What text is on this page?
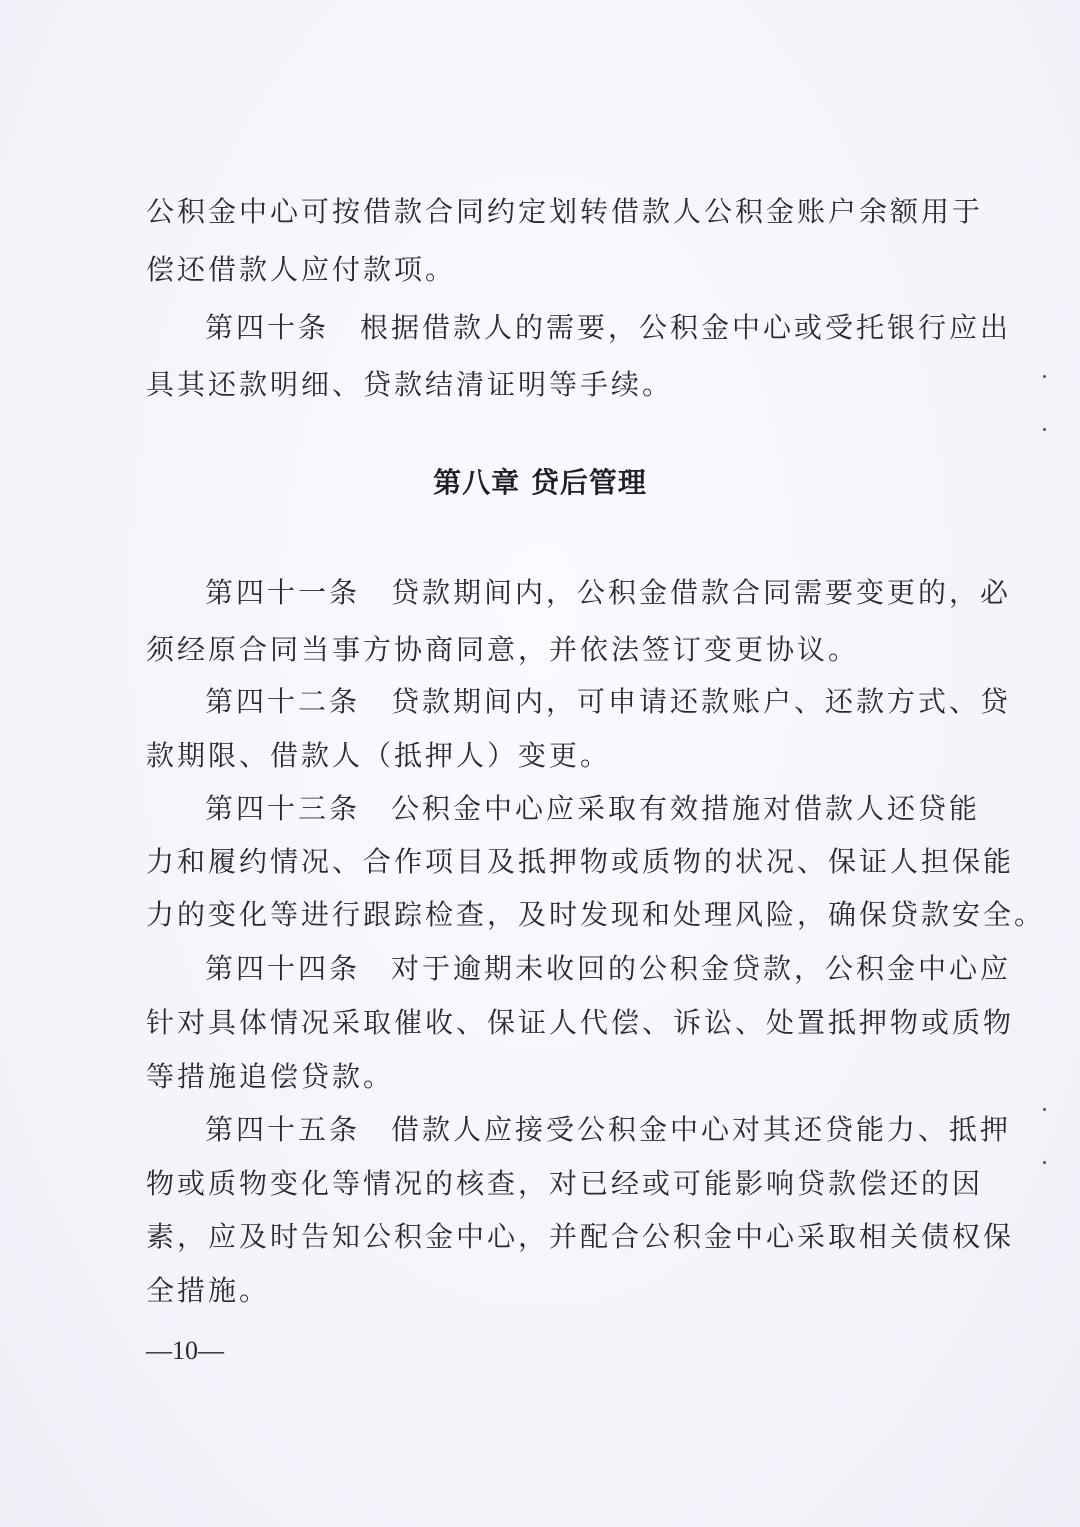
公积金中心可按借款合同约定划转借款人公积金账户余额用于
偿还借款人应付款项。
第四十条　根据借款人的需要，公积金中心或受托银行应出
具其还款明细、贷款结清证明等手续。
第八章 贷后管理
第四十一条　贷款期间内，公积金借款合同需要变更的，必
须经原合同当事方协商同意，并依法签订变更协议。
第四十二条　贷款期间内，可申请还款账户、还款方式、贷
款期限、借款人（抵押人）变更。
第四十三条　公积金中心应采取有效措施对借款人还贷能
力和履约情况、合作项目及抵押物或质物的状况、保证人担保能
力的变化等进行跟踪检查，及时发现和处理风险，确保贷款安全。
第四十四条　对于逾期未收回的公积金贷款，公积金中心应
针对具体情况采取催收、保证人代偿、诉讼、处置抵押物或质物
等措施追偿贷款。
第四十五条　借款人应接受公积金中心对其还贷能力、抵押
物或质物变化等情况的核查，对已经或可能影响贷款偿还的因
素，应及时告知公积金中心，并配合公积金中心采取相关债权保
全措施。
—10—
